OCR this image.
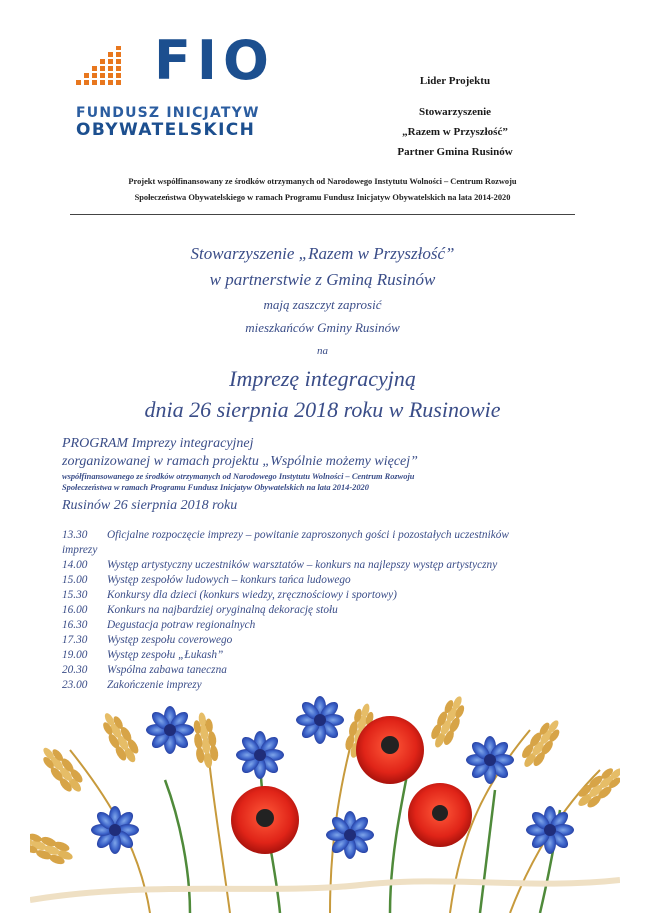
FIO
FUNDUSZ INICJATYW
OBYWATELSKICH
Lider Projektu
Stowarzyszenie
„Razem w Przyszłość”
Partner Gmina Rusinów
Projekt współfinansowany ze środków otrzymanych od Narodowego Instytutu Wolności – Centrum Rozwoju
Społeczeństwa Obywatelskiego w ramach Programu Fundusz Inicjatyw Obywatelskich na lata 2014-2020
Stowarzyszenie „Razem w Przyszłość”
w partnerstwie z Gminą Rusinów
mają zaszczyt zaprosić
mieszkańców Gminy Rusinów
na
Imprezę integracyjną
dnia 26 sierpnia 2018 roku w Rusinowie
PROGRAM Imprezy integracyjnej
zorganizowanej w ramach projektu „Wspólnie możemy więcej”
współfinansowanego ze środków otrzymanych od Narodowego Instytutu Wolności – Centrum Rozwoju
Społeczeństwa w ramach Programu Fundusz Inicjatyw Obywatelskich na lata 2014-2020
Rusinów 26 sierpnia 2018 roku
13.30	Oficjalne rozpoczęcie imprezy – powitanie zaproszonych gości i pozostałych uczestników
imprezy
14.00	Występ artystyczny uczestników warsztatów – konkurs na najlepszy występ artystyczny
15.00	Występ zespołów ludowych – konkurs tańca ludowego
15.30	Konkursy dla dzieci (konkurs wiedzy, zręcznościowy i sportowy)
16.00	Konkurs na najbardziej oryginalną dekorację stołu
16.30	Degustacja potraw regionalnych
17.30	Występ zespołu coverowego
19.00	Występ zespołu „Łukash”
20.30	Wspólna zabawa taneczna
23.00	Zakończenie imprezy
